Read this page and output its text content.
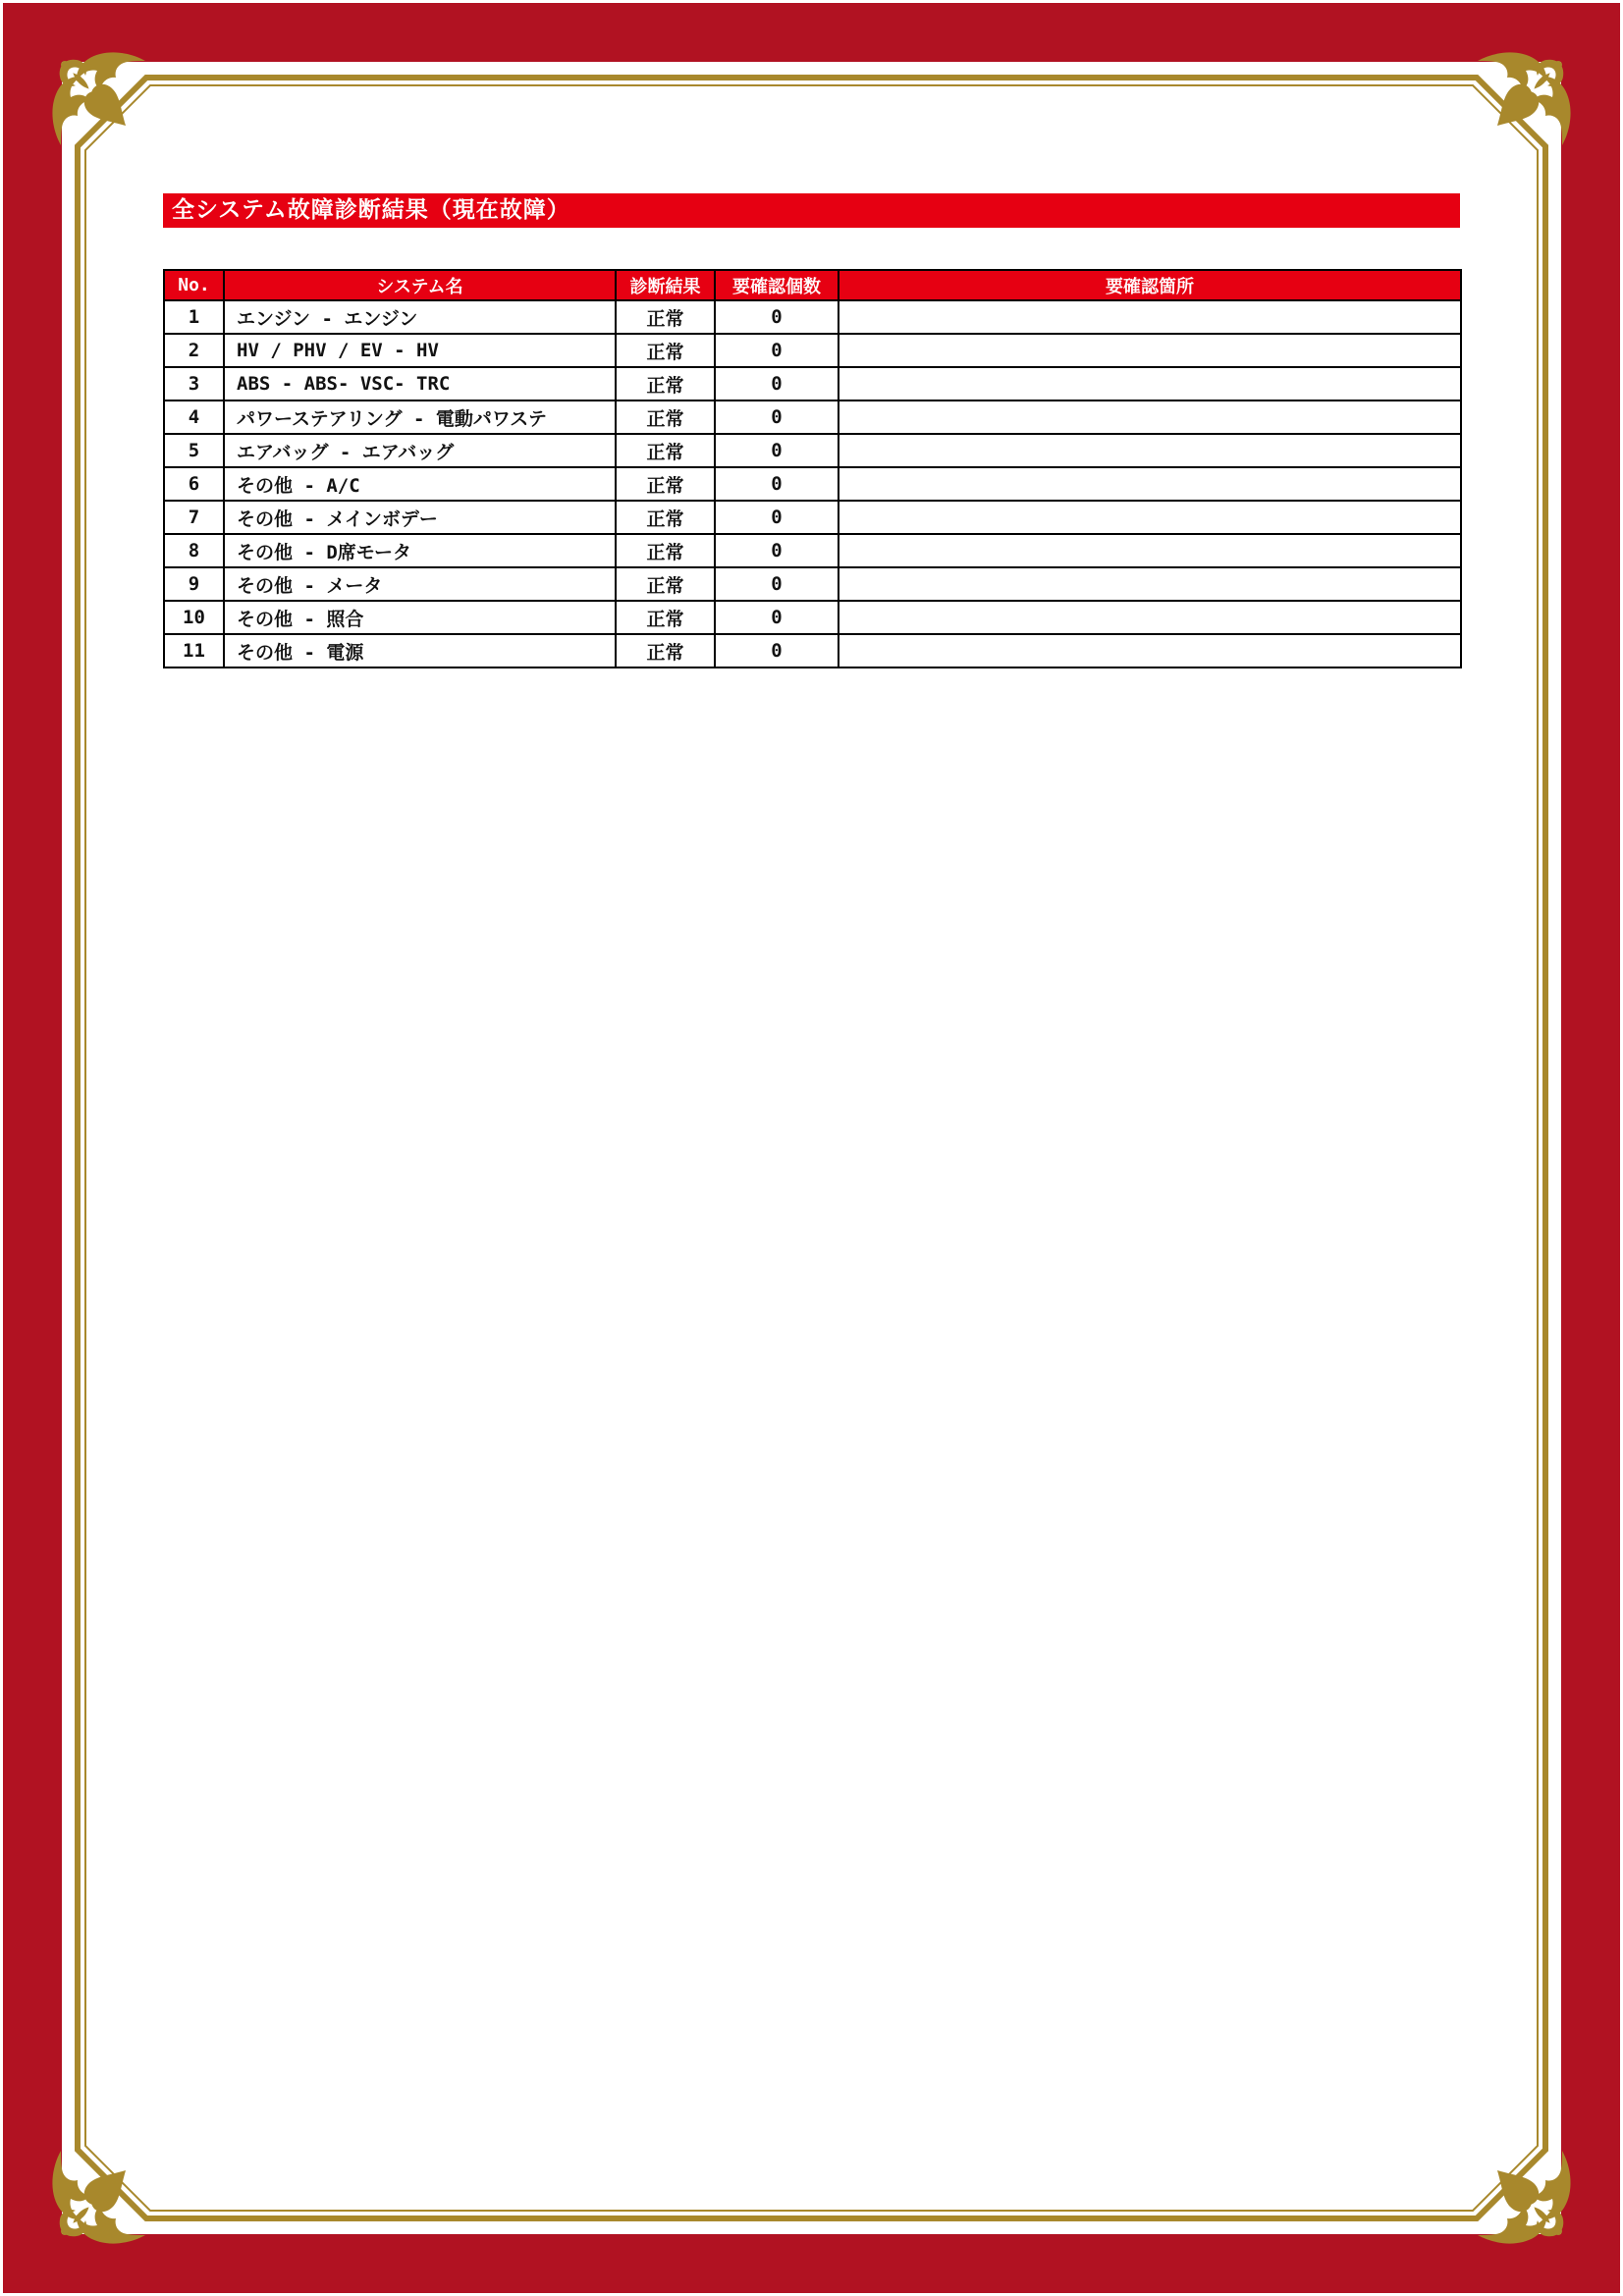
全システム故障診断結果（現在故障）
No.	システム名	診断結果	要確認個数	要確認箇所
1	エンジン - エンジン	正常	0	
2	HV / PHV / EV - HV	正常	0	
3	ABS - ABS- VSC- TRC	正常	0	
4	パワーステアリング - 電動パワステ	正常	0	
5	エアバッグ - エアバッグ	正常	0	
6	その他 - A/C	正常	0	
7	その他 - メインボデー	正常	0	
8	その他 - D席モータ	正常	0	
9	その他 - メータ	正常	0	
10	その他 - 照合	正常	0	
11	その他 - 電源	正常	0	
